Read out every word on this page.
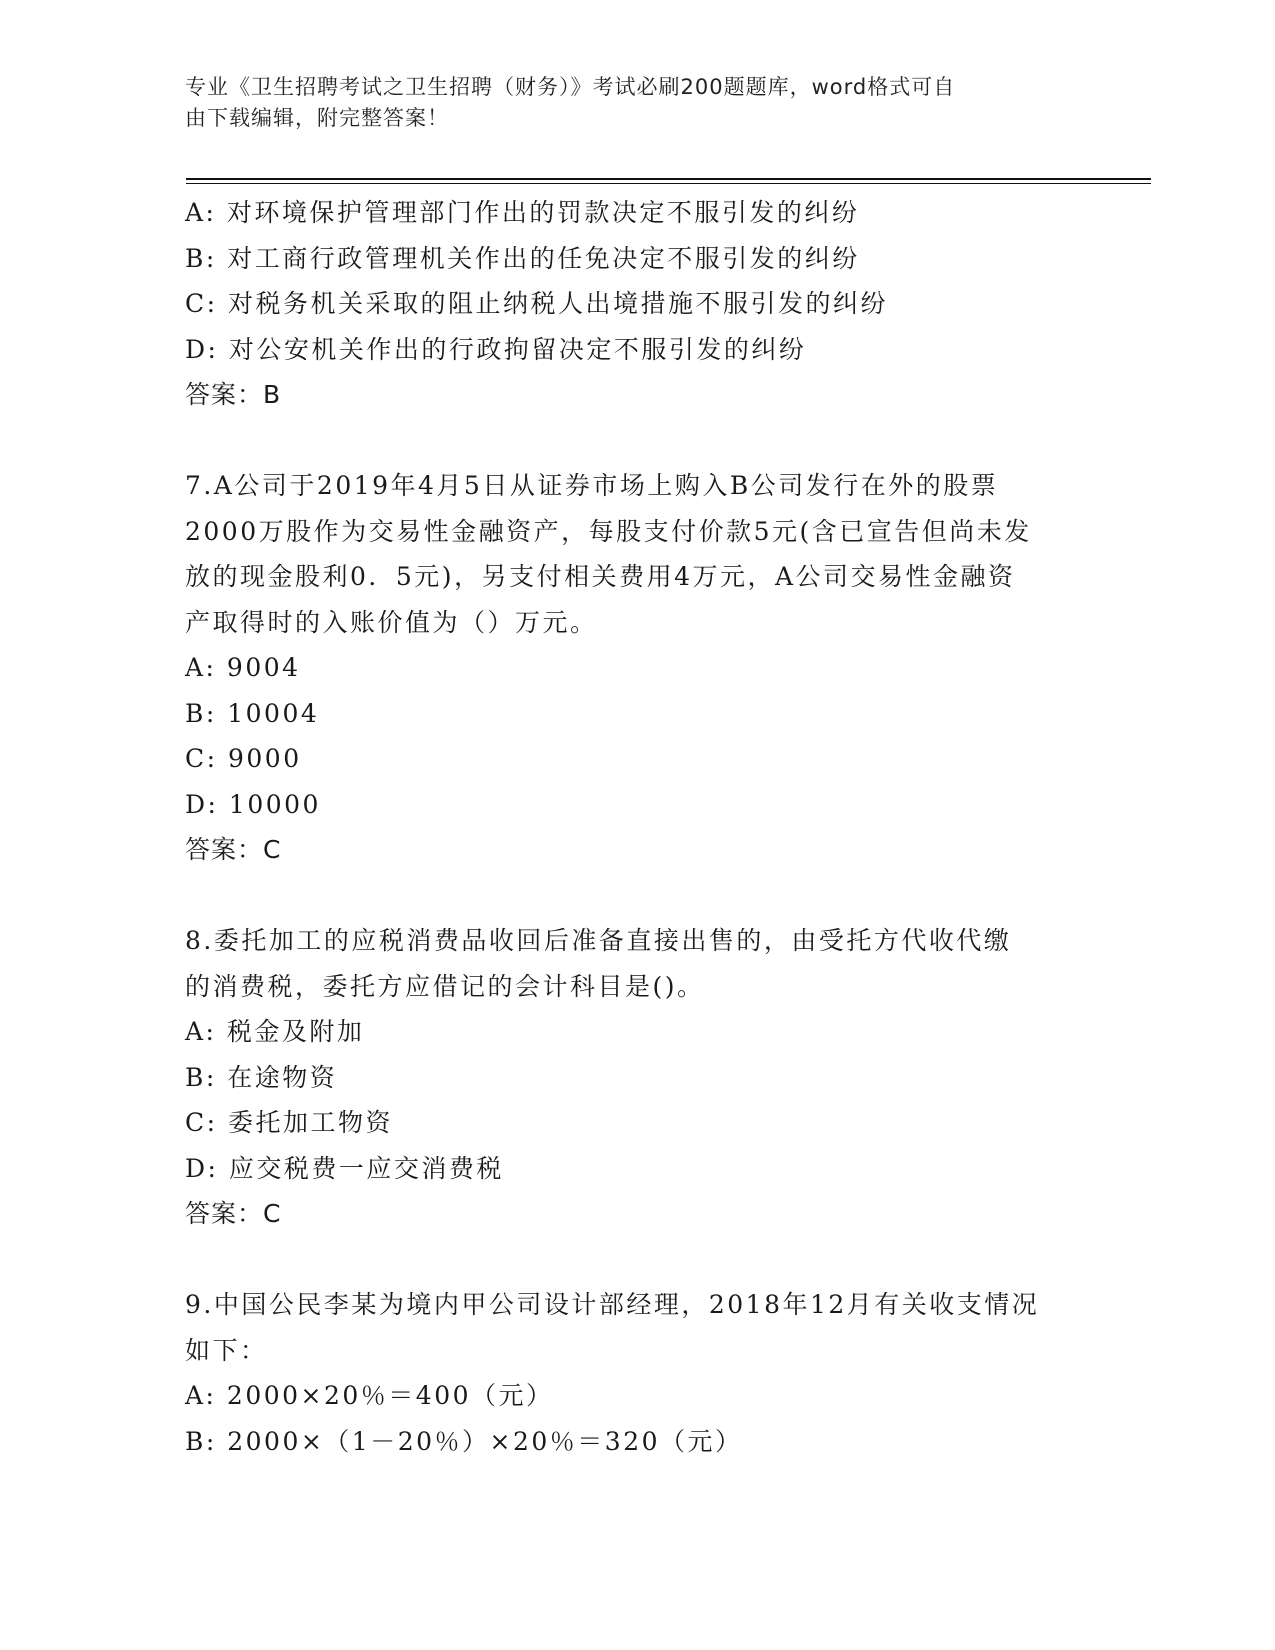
专业《卫生招聘考试之卫生招聘（财务）》考试必刷200题题库，word格式可自
由下载编辑，附完整答案！
A: 对环境保护管理部门作出的罚款决定不服引发的纠纷
B: 对工商行政管理机关作出的任免决定不服引发的纠纷
C: 对税务机关采取的阻止纳税人出境措施不服引发的纠纷
D: 对公安机关作出的行政拘留决定不服引发的纠纷
答案：B
7.A公司于2019年4月5日从证券市场上购入B公司发行在外的股票
2000万股作为交易性金融资产，每股支付价款5元(含已宣告但尚未发
放的现金股利0．5元)，另支付相关费用4万元，A公司交易性金融资
产取得时的入账价值为（）万元。
A: 9004
B: 10004
C: 9000
D: 10000
答案：C
8.委托加工的应税消费品收回后准备直接出售的，由受托方代收代缴
的消费税，委托方应借记的会计科目是()。
A: 税金及附加
B: 在途物资
C: 委托加工物资
D: 应交税费一应交消费税
答案：C
9.中国公民李某为境内甲公司设计部经理，2018年12月有关收支情况
如下：
A: 2000×20％＝400（元）
B: 2000×（1－20％）×20％＝320（元）
